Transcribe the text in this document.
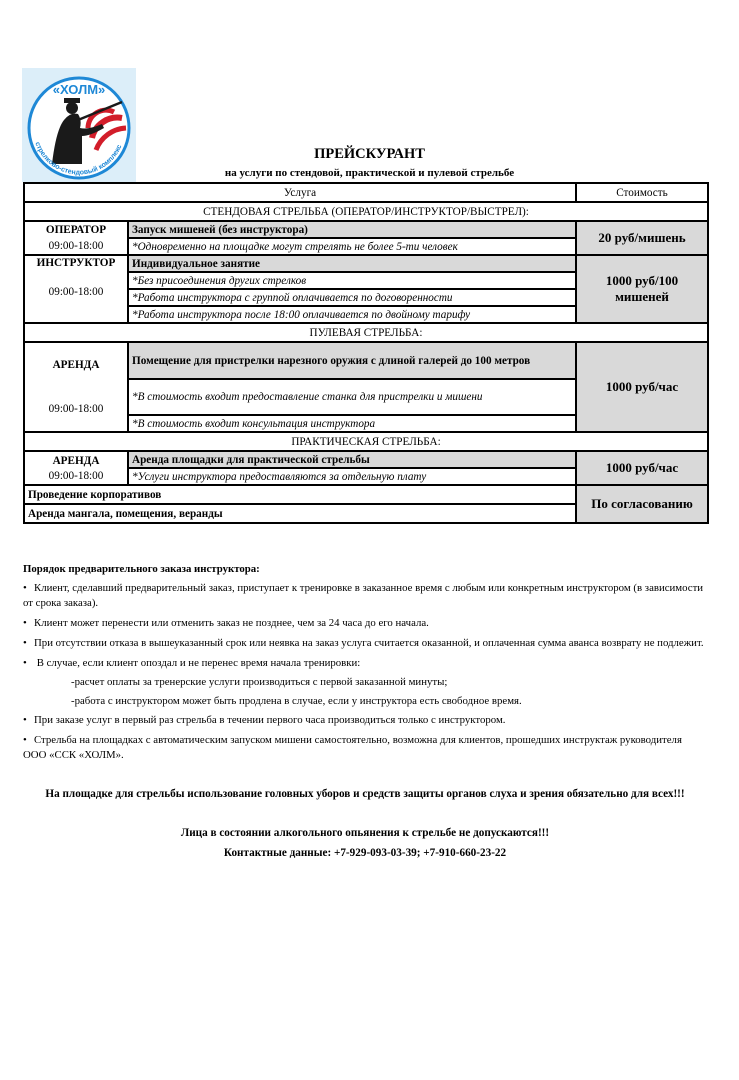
«ХОЛМ»
стрелково-стендовый комплекс	ПРЕЙСКУРАНТ
на услуги по стендовой, практической и пулевой стрельбе
Услуга		Стоимость
СТЕНДОВАЯ СТРЕЛЬБА (ОПЕРАТОР/ИНСТРУКТОР/ВЫСТРЕЛ):		

ОПЕРАТОР
09:00-18:00	Запуск мишеней (без инструктора)	20 руб/мишень
	*Одновременно на площадке могут стрелять не более 5-ти человек	

ИНСТРУКТОР
09:00-18:00	Индивидуальное занятие	1000 руб/100 мишеней
	*Без присоединения других стрелков	
	*Работа инструктора с группой оплачивается по договоренности	
	*Работа инструктора после 18:00 оплачивается по двойному тарифу	
ПУЛЕВАЯ СТРЕЛЬБА:		

АРЕНДА
09:00-18:00	Помещение для пристрелки нарезного оружия с длиной галерей до 100 метров	1000 руб/час
	*В стоимость входит предоставление станка для пристрелки и мишени	
	*В стоимость входит консультация инструктора	
ПРАКТИЧЕСКАЯ СТРЕЛЬБА:		

АРЕНДА
09:00-18:00	Аренда площадки для практической стрельбы	1000 руб/час
	*Услуги инструктора предоставляются за отдельную плату	
Проведение корпоративов		По согласованию
Аренда мангала, помещения, веранды		

Порядок предварительного заказа инструктора:

• Клиент, сделавший предварительный заказ, приступает к тренировке в заказанное время с любым или конкретным инструктором (в зависимости от срока заказа).

• Клиент может перенести или отменить заказ не позднее, чем за 24 часа до его начала.

• При отсутствии отказа в вышеуказанный срок или неявка на заказ услуга считается оказанной, и оплаченная сумма аванса возврату не подлежит.

• В случае, если клиент опоздал и не перенес время начала тренировки:

-расчет оплаты за тренерские услуги производиться с первой заказанной минуты;

-работа с инструктором может быть продлена в случае, если у инструктора есть свободное время.

• При заказе услуг в первый раз стрельба в течении первого часа производиться только с инструктором.

• Стрельба на площадках с автоматическим запуском мишени самостоятельно, возможна для клиентов, прошедших инструктаж руководителя ООО «ССК «ХОЛМ».

На площадке для стрельбы использование головных уборов и средств защиты органов слуха и зрения обязательно для всех!!!
Лица в состоянии алкогольного опьянения к стрельбе не допускаются!!!
Контактные данные: +7-929-093-03-39; +7-910-660-23-22
